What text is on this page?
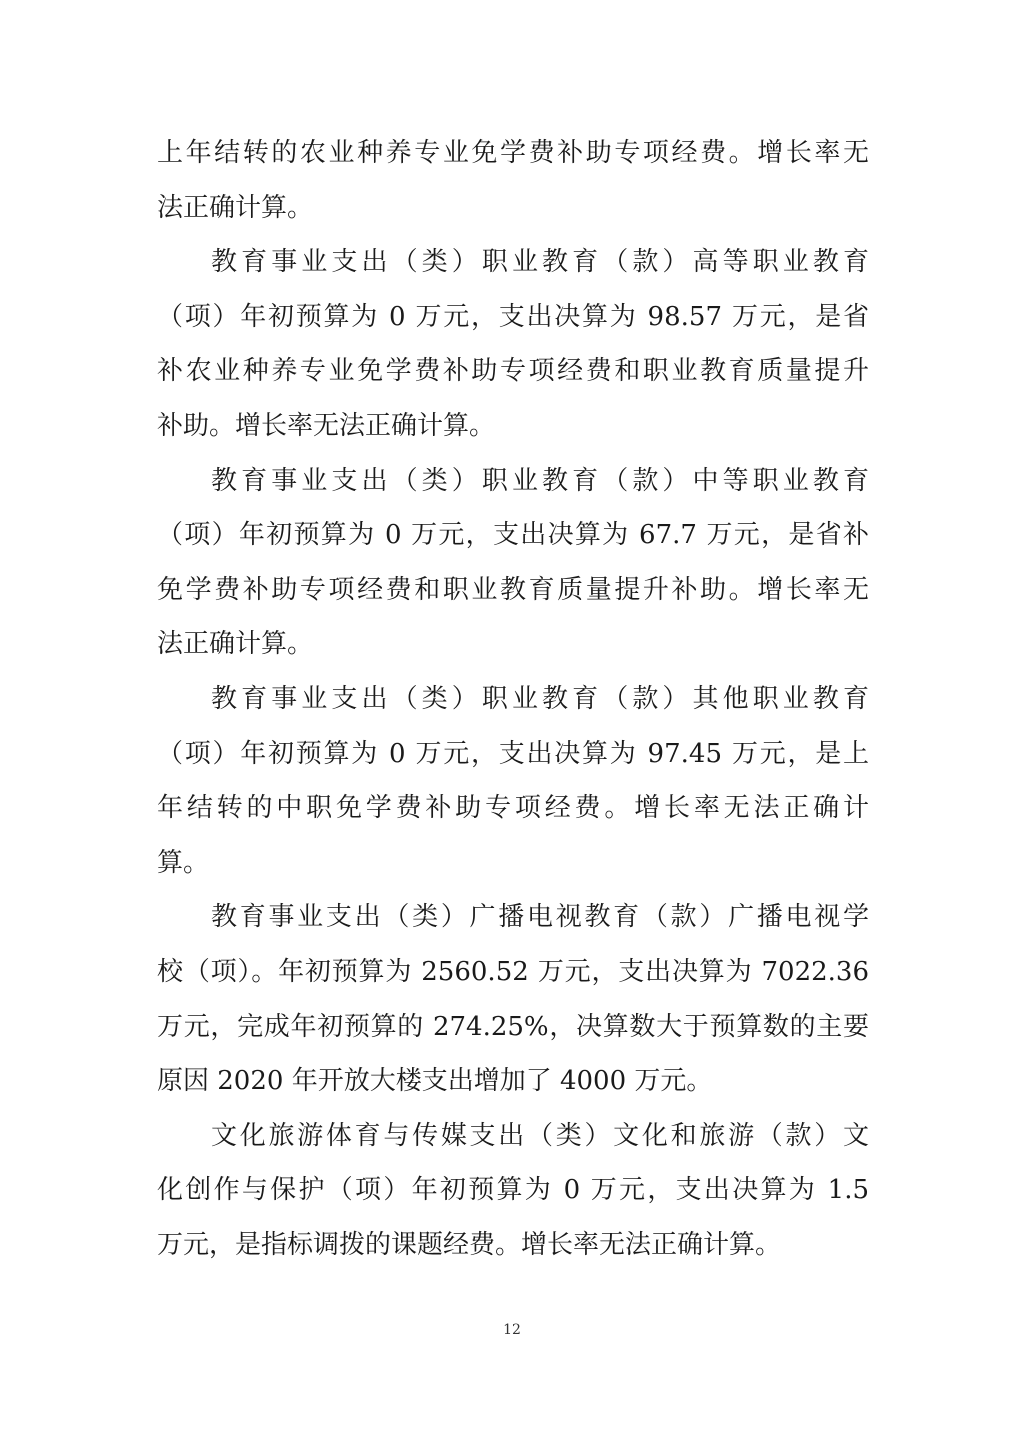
上年结转的农业种养专业免学费补助专项经费。增长率无
法正确计算。
教育事业支出（类）职业教育（款）高等职业教育
（项）年初预算为 0 万元，支出决算为 98.57 万元，是省
补农业种养专业免学费补助专项经费和职业教育质量提升
补助。增长率无法正确计算。
教育事业支出（类）职业教育（款）中等职业教育
（项）年初预算为 0 万元，支出决算为 67.7 万元，是省补
免学费补助专项经费和职业教育质量提升补助。增长率无
法正确计算。
教育事业支出（类）职业教育（款）其他职业教育
（项）年初预算为 0 万元，支出决算为 97.45 万元，是上
年结转的中职免学费补助专项经费。增长率无法正确计
算。
教育事业支出（类）广播电视教育（款）广播电视学
校（项）。年初预算为 2560.52 万元，支出决算为 7022.36
万元，完成年初预算的 274.25%，决算数大于预算数的主要
原因 2020 年开放大楼支出增加了 4000 万元。
文化旅游体育与传媒支出（类）文化和旅游（款）文
化创作与保护（项）年初预算为 0 万元，支出决算为 1.5
万元，是指标调拨的课题经费。增长率无法正确计算。
12
